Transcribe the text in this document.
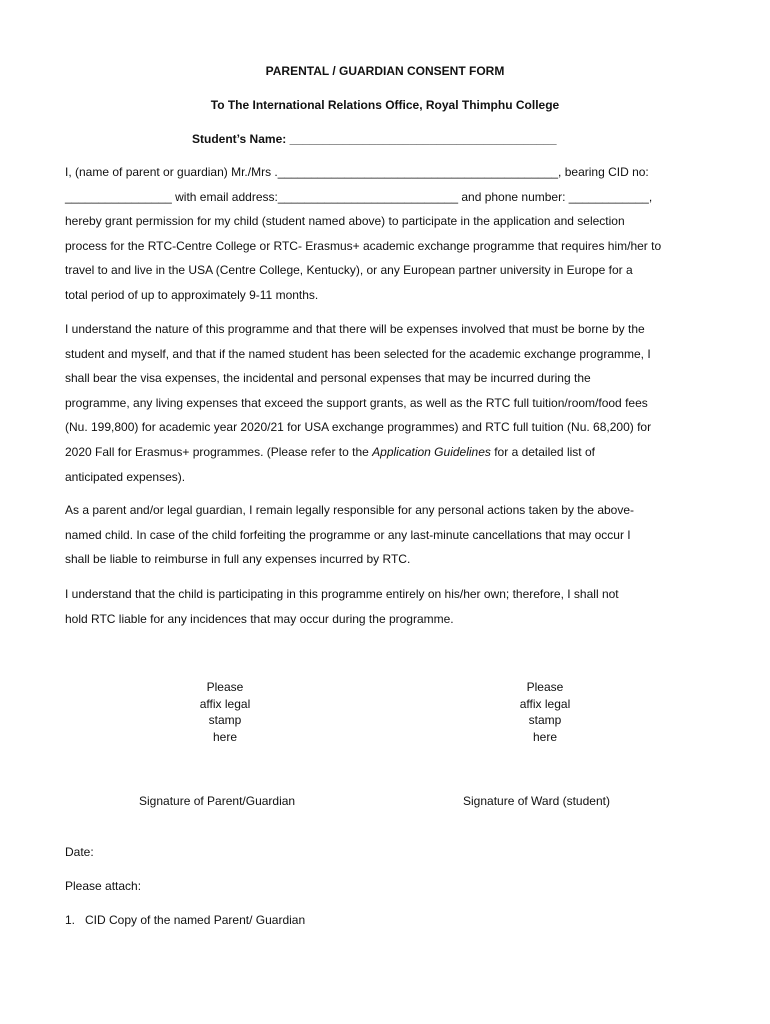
PARENTAL / GUARDIAN CONSENT FORM
To The International Relations Office, Royal Thimphu College
Student’s Name: ________________________________________
I, (name of parent or guardian) Mr./Mrs .__________________________________________, bearing CID no:
________________ with email address:___________________________ and phone number: ____________,
hereby grant permission for my child (student named above) to participate in the application and selection
process for the RTC-Centre College or RTC- Erasmus+ academic exchange programme that requires him/her to
travel to and live in the USA (Centre College, Kentucky), or any European partner university in Europe for a
total period of up to approximately 9-11 months.
I understand the nature of this programme and that there will be expenses involved that must be borne by the
student and myself, and that if the named student has been selected for the academic exchange programme, I
shall bear the visa expenses, the incidental and personal expenses that may be incurred during the
programme, any living expenses that exceed the support grants, as well as the RTC full tuition/room/food fees
(Nu. 199,800) for academic year 2020/21 for USA exchange programmes) and RTC full tuition (Nu. 68,200) for
2020 Fall for Erasmus+ programmes. (Please refer to the Application Guidelines for a detailed list of
anticipated expenses).
As a parent and/or legal guardian, I remain legally responsible for any personal actions taken by the above-
named child. In case of the child forfeiting the programme or any last-minute cancellations that may occur I
shall be liable to reimburse in full any expenses incurred by RTC.
I understand that the child is participating in this programme entirely on his/her own; therefore, I shall not
hold RTC liable for any incidences that may occur during the programme.
Please
affix legal
stamp
here
Please
affix legal
stamp
here
Signature of Parent/Guardian	Signature of Ward (student)
Date:
Please attach:
1.   CID Copy of the named Parent/ Guardian
